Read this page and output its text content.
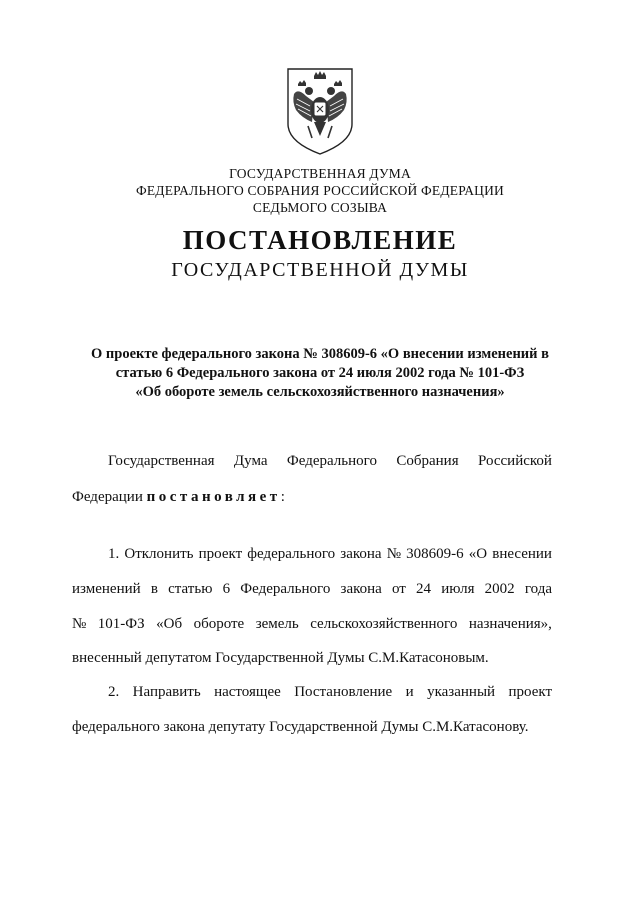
ГОСУДАРСТВЕННАЯ ДУМА
ФЕДЕРАЛЬНОГО СОБРАНИЯ РОССИЙСКОЙ ФЕДЕРАЦИИ
СЕДЬМОГО СОЗЫВА
ПОСТАНОВЛЕНИЕ
ГОСУДАРСТВЕННОЙ ДУМЫ
О проекте федерального закона № 308609-6 «О внесении изменений в
статью 6 Федерального закона от 24 июля 2002 года № 101-ФЗ
«Об обороте земель сельскохозяйственного назначения»
Государственная Дума Федерального Собрания Российской
Федерации постановляет:
1. Отклонить проект федерального закона № 308609-6 «О внесении
изменений в статью 6 Федерального закона от 24 июля 2002 года
№ 101-ФЗ «Об обороте земель сельскохозяйственного назначения»,
внесенный депутатом Государственной Думы С.М.Катасоновым.
2. Направить настоящее Постановление и указанный проект
федерального закона депутату Государственной Думы С.М.Катасонову.
